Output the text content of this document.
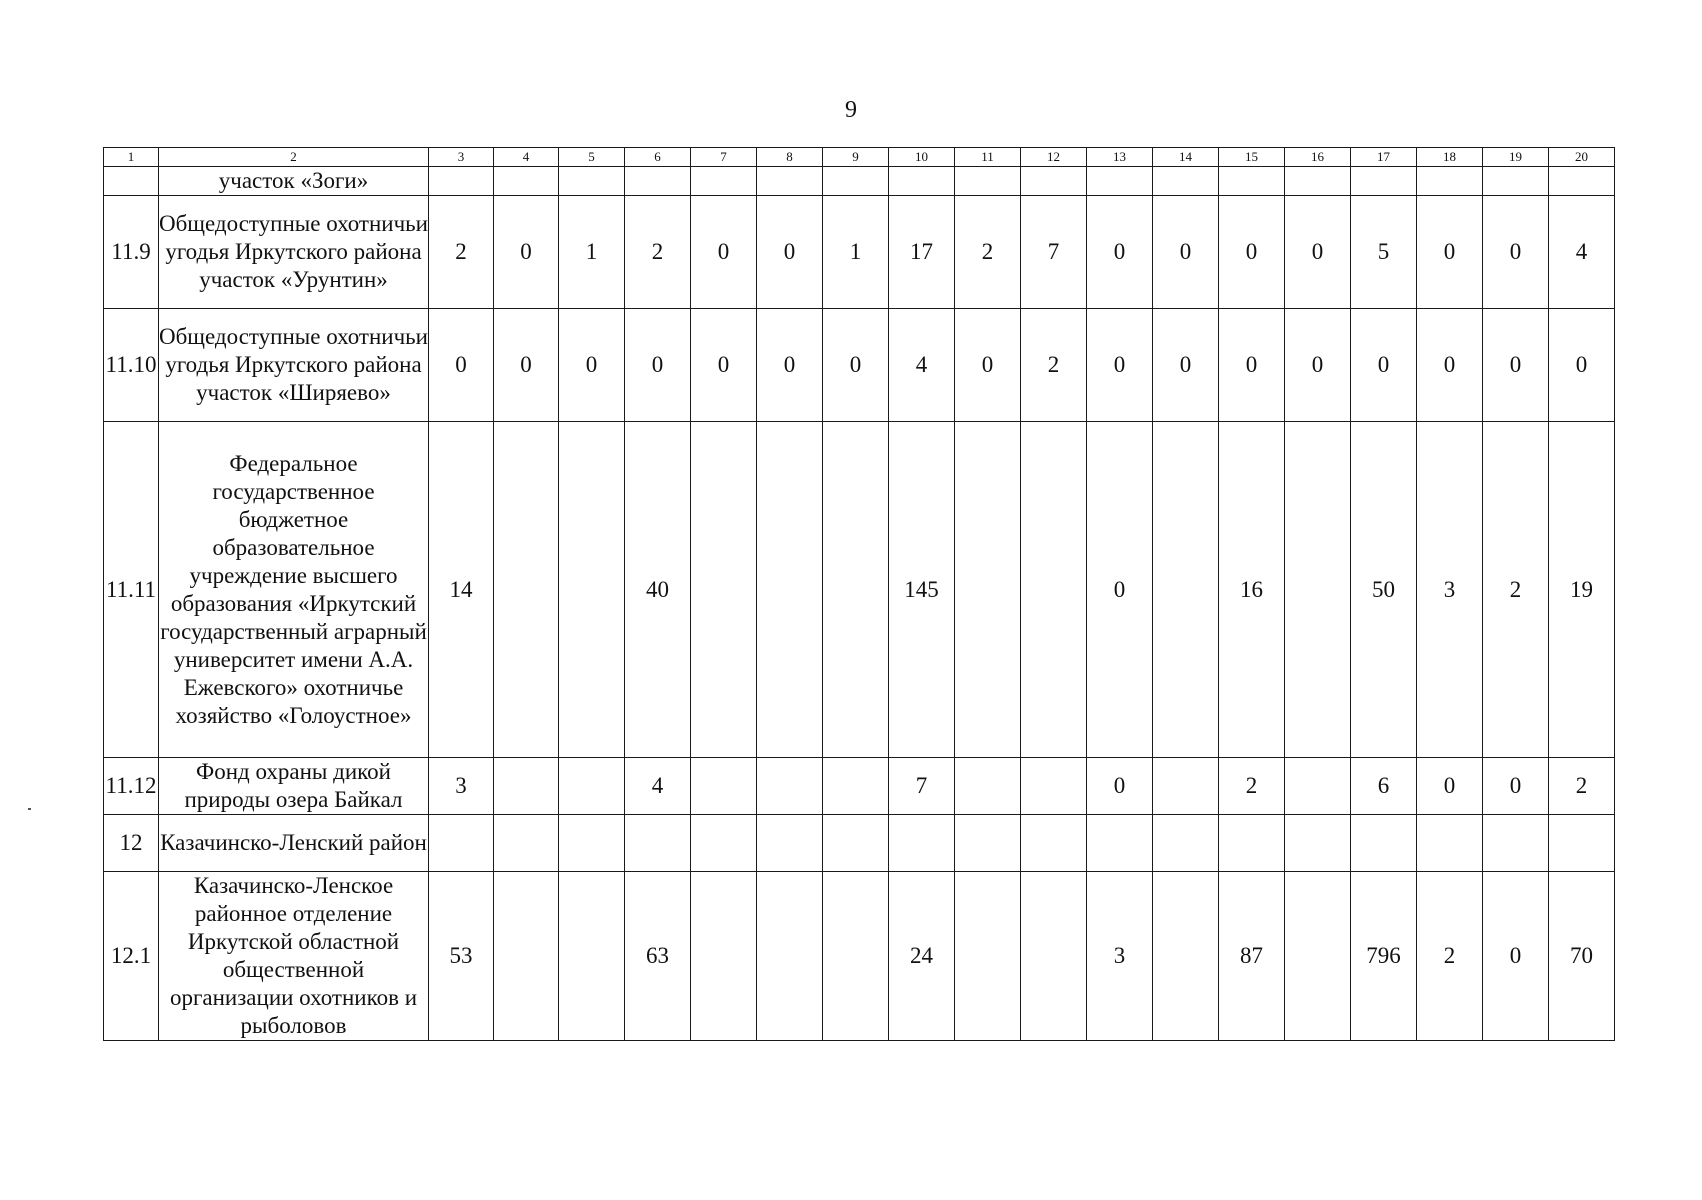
9
1	2	3	4	5	6	7	8	9	10	11	12	13	14	15	16	17	18	19	20
	участок «Зоги»																		
11.9	Общедоступные охотничьи угодья Иркутского района участок «Урунтин»	2	0	1	2	0	0	1	17	2	7	0	0	0	0	5	0	0	4
11.10	Общедоступные охотничьи угодья Иркутского района участок «Ширяево»	0	0	0	0	0	0	0	4	0	2	0	0	0	0	0	0	0	0
11.11	Федеральное государственное бюджетное образовательное учреждение высшего образования «Иркутский государственный аграрный университет имени А.А. Ежевского» охотничье хозяйство «Голоустное»	14			40				145			0		16		50	3	2	19
11.12	Фонд охраны дикой природы озера Байкал	3			4				7			0		2		6	0	0	2
12	Казачинско-Ленский район																		
12.1	Казачинско-Ленское районное отделение Иркутской областной общественной организации охотников и рыболовов	53			63				24			3		87		796	2	0	70
